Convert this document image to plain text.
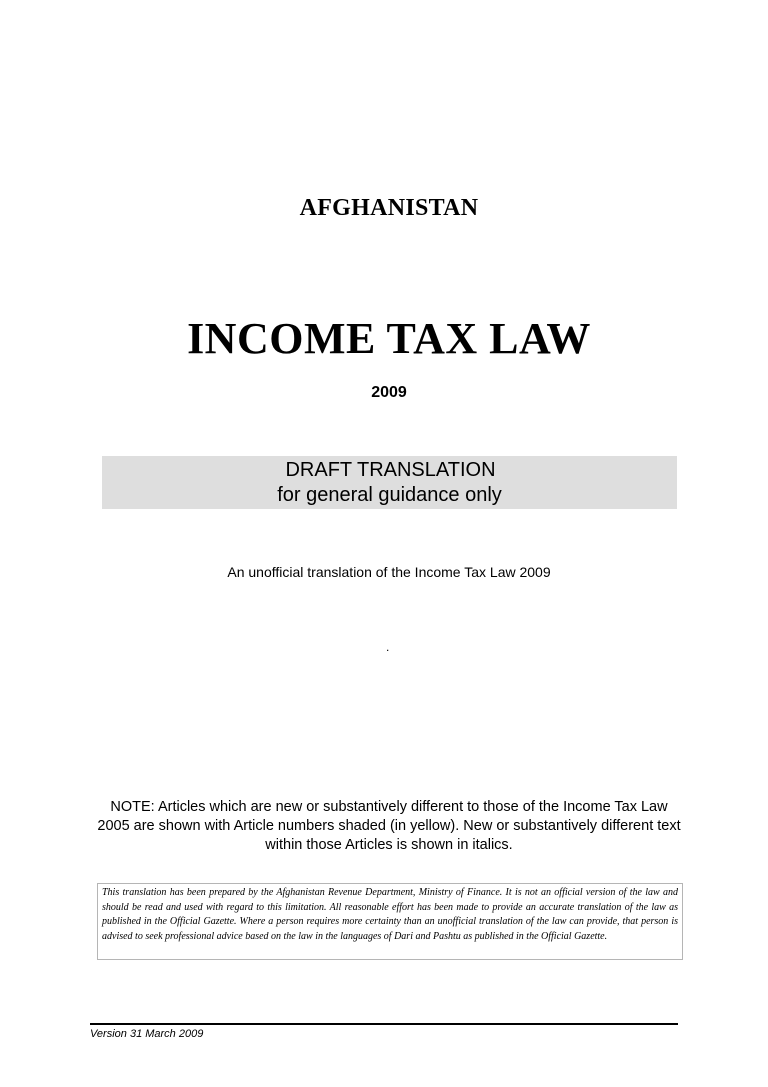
AFGHANISTAN
INCOME TAX LAW
2009
DRAFT TRANSLATION
for general guidance only
An unofficial translation of the Income Tax Law 2009
.
NOTE: Articles which are new or substantively different to those of the Income Tax Law 2005 are shown with Article numbers shaded (in yellow). New or substantively different text within those Articles is shown in italics.
This translation has been prepared by the Afghanistan Revenue Department, Ministry of Finance. It is not an official version of the law and should be read and used with regard to this limitation. All reasonable effort has been made to provide an accurate translation of the law as published in the Official Gazette. Where a person requires more certainty than an unofficial translation of the law can provide, that person is advised to seek professional advice based on the law in the languages of Dari and Pashtu as published in the Official Gazette.
Version 31 March 2009
